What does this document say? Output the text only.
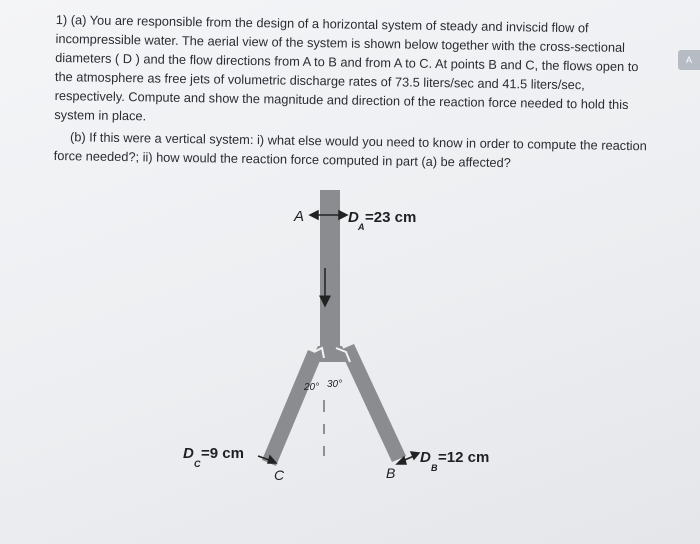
A

1) (a) You are responsible from the design of a horizontal system of steady and inviscid flow of incompressible water. The aerial view of the system is shown below together with the cross-sectional diameters ( D ) and the flow directions from A to B and from A to C. At points B and C, the flows open to the atmosphere as free jets of volumetric discharge rates of 73.5 liters/sec and 41.5 liters/sec, respectively. Compute and show the magnitude and direction of the reaction force needed to hold this system in place.

(b) If this were a vertical system: i) what else would you need to know in order to compute the reaction force needed?; ii) how would the reaction force computed in part (a) be affected?

20° 30°
A	D
A
=23 cm
D
C
=9 cm
C	B
D
B
=12 cm
